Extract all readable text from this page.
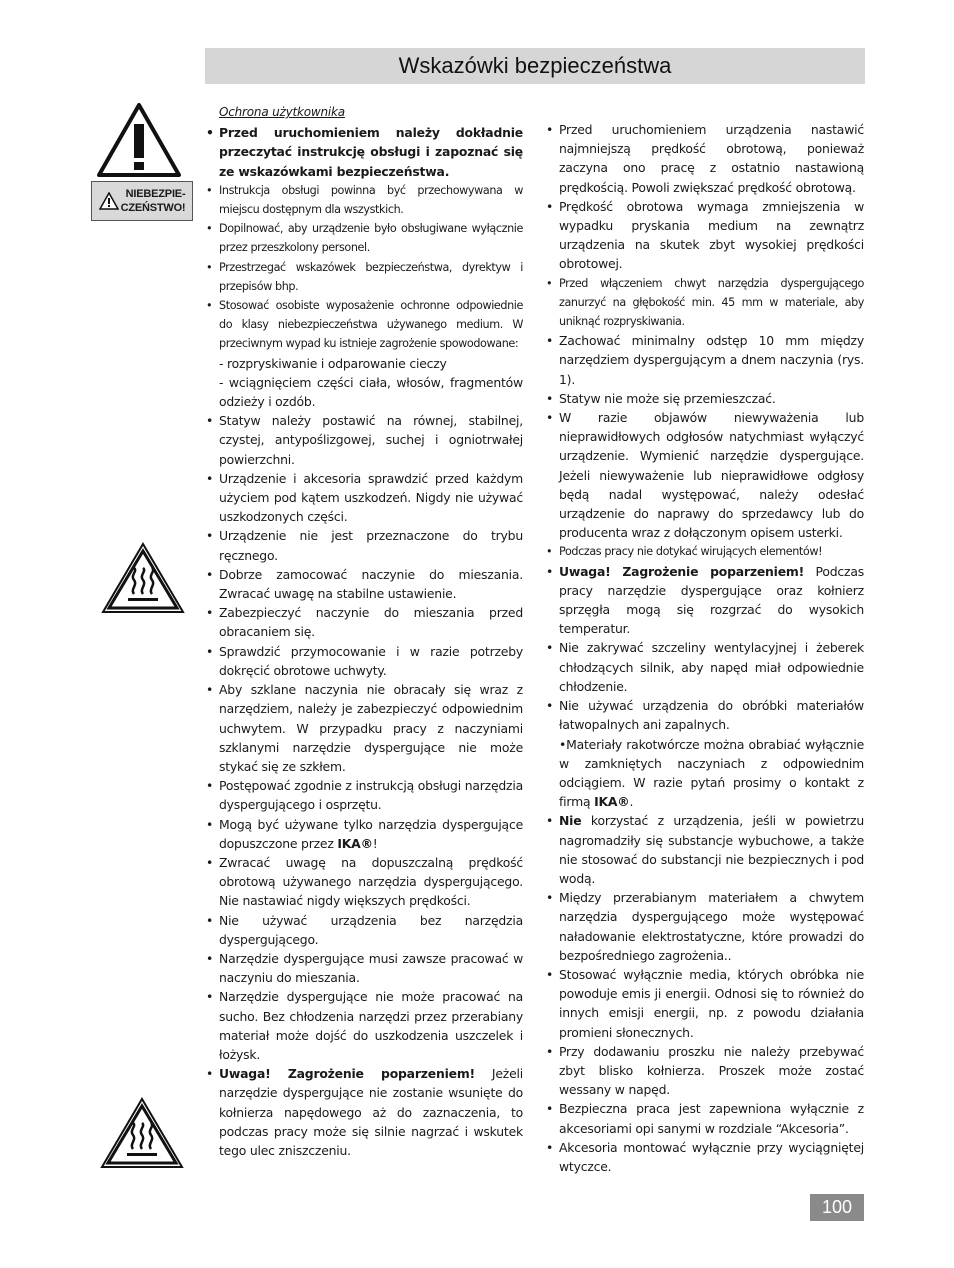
Wskazówki bezpieczeństwa
NIEBEZPIE-
CZEŃSTWO!
Ochrona użytkownika
• Przed uruchomieniem należy dokładnie przeczytać instrukcję obsługi i zapoznać się ze wskazówkami bezpieczeństwa.
• Instrukcja obsługi powinna być przechowywana w miejscu dostępnym dla wszystkich.
• Dopilnować, aby urządzenie było obsługiwane wyłącznie przez przeszkolony personel.
• Przestrzegać wskazówek bezpieczeństwa, dyrektyw i przepisów bhp.
• Stosować osobiste wyposażenie ochronne odpowiednie do klasy niebezpieczeństwa używanego medium. W przeciwnym wypad ku istnieje zagrożenie spowodowane:
- rozpryskiwanie i odparowanie cieczy
- wciągnięciem części ciała, włosów, fragmentów odzieży i ozdób.
• Statyw należy postawić na równej, stabilnej, czystej, antypoślizgowej, suchej i ogniotrwałej powierzchni.
• Urządzenie i akcesoria sprawdzić przed każdym użyciem pod kątem uszkodzeń. Nigdy nie używać uszkodzonych części.
• Urządzenie nie jest przeznaczone do trybu ręcznego.
• Dobrze zamocować naczynie do mieszania. Zwracać uwagę na stabilne ustawienie.
• Zabezpieczyć naczynie do mieszania przed obracaniem się.
• Sprawdzić przymocowanie i w razie potrzeby dokręcić obrotowe uchwyty.
• Aby szklane naczynia nie obracały się wraz z narzędziem, należy je zabezpieczyć odpowiednim uchwytem. W przypadku pracy z naczyniami szklanymi narzędzie dyspergujące nie może stykać się ze szkłem.
• Postępować zgodnie z instrukcją obsługi narzędzia dyspergującego i osprzętu.
• Mogą być używane tylko narzędzia dyspergujące dopuszczone przez IKA®!
• Zwracać uwagę na dopuszczalną prędkość obrotową używanego narzędzia dyspergującego. Nie nastawiać nigdy większych prędkości.
• Nie używać urządzenia bez narzędzia dyspergującego.
• Narzędzie dyspergujące musi zawsze pracować w naczyniu do mieszania.
• Narzędzie dyspergujące nie może pracować na sucho. Bez chłodzenia narzędzi przez przerabiany materiał może dojść do uszkodzenia uszczelek i łożysk.
• Uwaga! Zagrożenie poparzeniem! Jeżeli narzędzie dyspergujące nie zostanie wsunięte do kołnierza napędowego aż do zaznaczenia, to podczas pracy może się silnie nagrzać i wskutek tego ulec zniszczeniu.
• Przed uruchomieniem urządzenia nastawić najmniejszą prędkość obrotową, ponieważ zaczyna ono pracę z ostatnio nastawioną prędkością. Powoli zwiększać prędkość obrotową.
• Prędkość obrotowa wymaga zmniejszenia w wypadku pryskania medium na zewnątrz urządzenia na skutek zbyt wysokiej prędkości obrotowej.
• Przed włączeniem chwyt narzędzia dyspergującego zanurzyć na głębokość min. 45 mm w materiale, aby uniknąć rozpryskiwania.
• Zachować minimalny odstęp 10 mm między narzędziem dyspergującym a dnem naczynia (rys. 1).
• Statyw nie może się przemieszczać.
• W razie objawów niewyważenia lub nieprawidłowych odgłosów natychmiast wyłączyć urządzenie. Wymienić narzędzie dyspergujące. Jeżeli niewyważenie lub nieprawidłowe odgłosy będą nadal występować, należy odesłać urządzenie do naprawy do sprzedawcy lub do producenta wraz z dołączonym opisem usterki.
• Podczas pracy nie dotykać wirujących elementów!
• Uwaga! Zagrożenie poparzeniem! Podczas pracy narzędzie dyspergujące oraz kołnierz sprzęgła mogą się rozgrzać do wysokich temperatur.
• Nie zakrywać szczeliny wentylacyjnej i żeberek chłodzących silnik, aby napęd miał odpowiednie chłodzenie.
• Nie używać urządzenia do obróbki materiałów łatwopalnych ani zapalnych.
•Materiały rakotwórcze można obrabiać wyłącznie w zamkniętych naczyniach z odpowiednim odciągiem. W razie pytań prosimy o kontakt z firmą IKA®.
• Nie korzystać z urządzenia, jeśli w powietrzu nagromadziły się substancje wybuchowe, a także nie stosować do substancji nie bezpiecznych i pod wodą.
• Między przerabianym materiałem a chwytem narzędzia dyspergującego może występować naładowanie elektrostatyczne, które prowadzi do bezpośredniego zagrożenia..
• Stosować wyłącznie media, których obróbka nie powoduje emis ji energii. Odnosi się to również do innych emisji energii, np. z powodu działania promieni słonecznych.
• Przy dodawaniu proszku nie należy przebywać zbyt blisko kołnierza. Proszek może zostać wessany w napęd.
• Bezpieczna praca jest zapewniona wyłącznie z akcesoriami opi sanymi w rozdziale “Akcesoria”.
• Akcesoria montować wyłącznie przy wyciągniętej wtyczce.
100
